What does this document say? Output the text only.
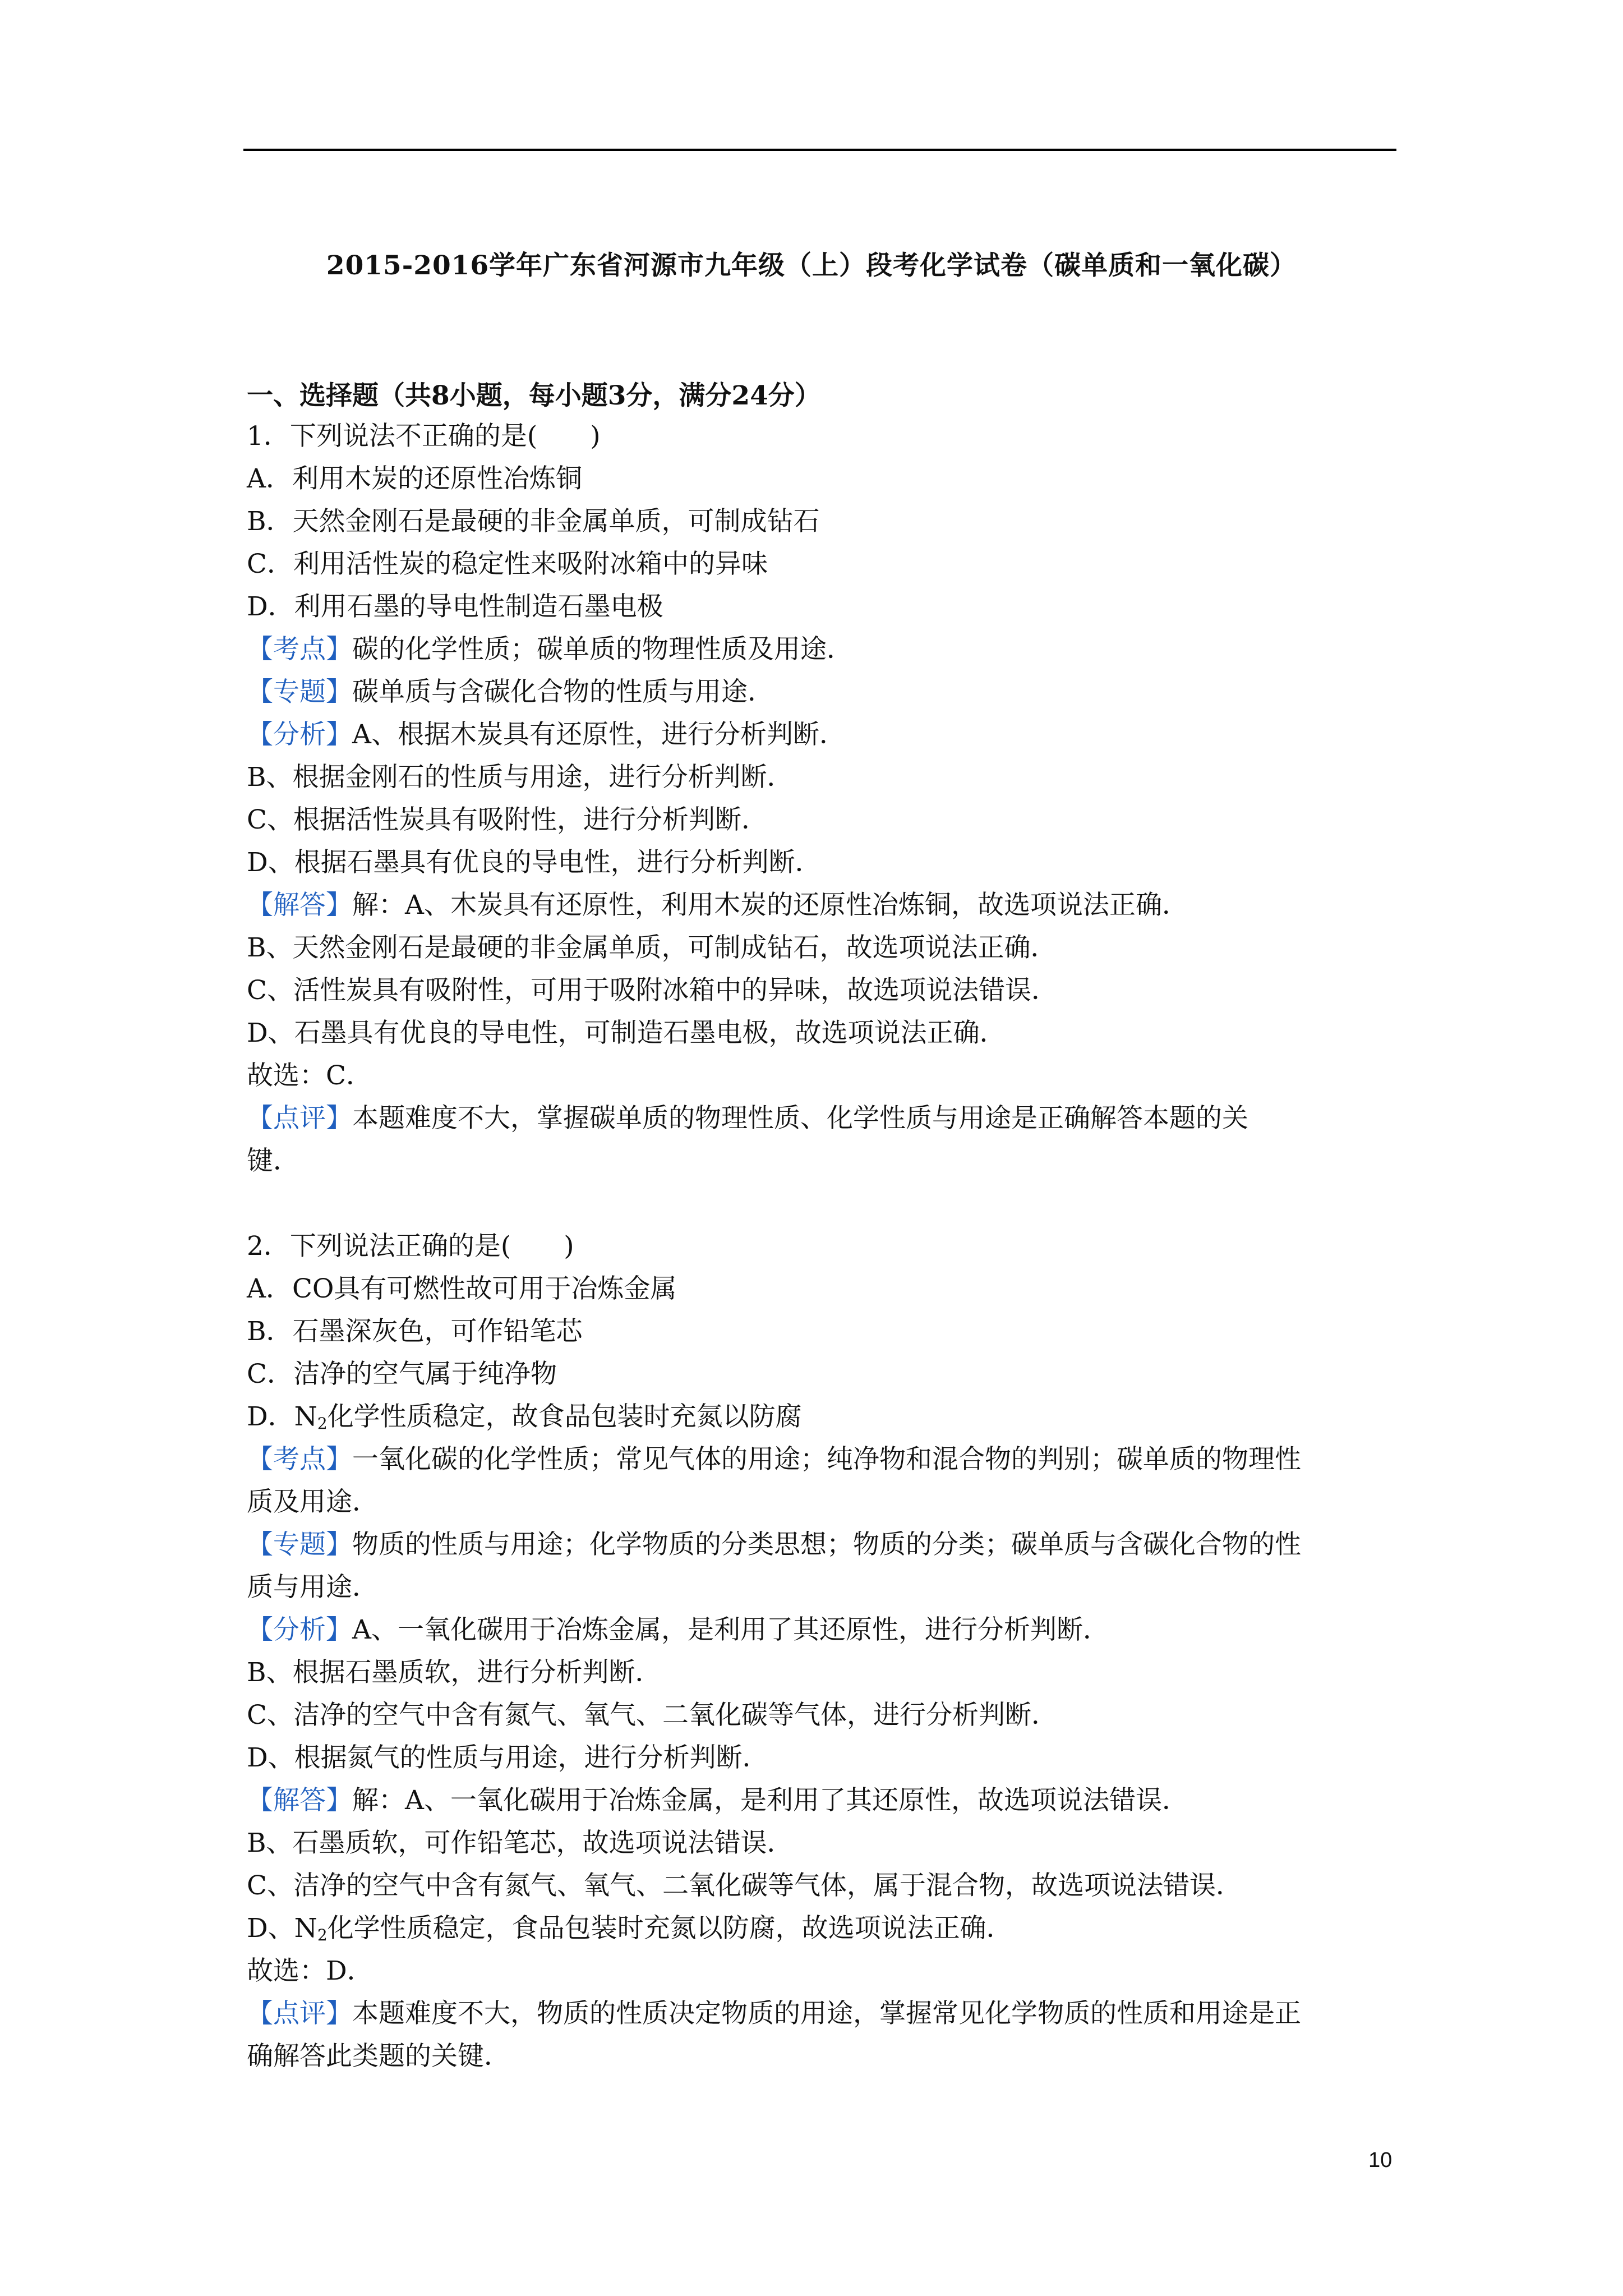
2015-2016学年广东省河源市九年级（上）段考化学试卷（碳单质和一氧化碳）
一、选择题（共8小题，每小题3分，满分24分）
1．下列说法不正确的是(　　)
A．利用木炭的还原性冶炼铜
B．天然金刚石是最硬的非金属单质，可制成钻石
C．利用活性炭的稳定性来吸附冰箱中的异味
D．利用石墨的导电性制造石墨电极
【考点】碳的化学性质；碳单质的物理性质及用途．
【专题】碳单质与含碳化合物的性质与用途．
【分析】A、根据木炭具有还原性，进行分析判断．
B、根据金刚石的性质与用途，进行分析判断．
C、根据活性炭具有吸附性，进行分析判断．
D、根据石墨具有优良的导电性，进行分析判断．
【解答】解：A、木炭具有还原性，利用木炭的还原性冶炼铜，故选项说法正确．
B、天然金刚石是最硬的非金属单质，可制成钻石，故选项说法正确．
C、活性炭具有吸附性，可用于吸附冰箱中的异味，故选项说法错误．
D、石墨具有优良的导电性，可制造石墨电极，故选项说法正确．
故选：C．
【点评】本题难度不大，掌握碳单质的物理性质、化学性质与用途是正确解答本题的关
键．
2．下列说法正确的是(　　)
A．CO具有可燃性故可用于冶炼金属
B．石墨深灰色，可作铅笔芯
C．洁净的空气属于纯净物
D．$N_2$化学性质稳定，故食品包装时充氮以防腐
【考点】一氧化碳的化学性质；常见气体的用途；纯净物和混合物的判别；碳单质的物理性
质及用途．
【专题】物质的性质与用途；化学物质的分类思想；物质的分类；碳单质与含碳化合物的性
质与用途．
【分析】A、一氧化碳用于冶炼金属，是利用了其还原性，进行分析判断．
B、根据石墨质软，进行分析判断．
C、洁净的空气中含有氮气、氧气、二氧化碳等气体，进行分析判断．
D、根据氮气的性质与用途，进行分析判断．
【解答】解：A、一氧化碳用于冶炼金属，是利用了其还原性，故选项说法错误．
B、石墨质软，可作铅笔芯，故选项说法错误．
C、洁净的空气中含有氮气、氧气、二氧化碳等气体，属于混合物，故选项说法错误．
D、$N_2$化学性质稳定，食品包装时充氮以防腐，故选项说法正确．
故选：D．
【点评】本题难度不大，物质的性质决定物质的用途，掌握常见化学物质的性质和用途是正
确解答此类题的关键．
10
